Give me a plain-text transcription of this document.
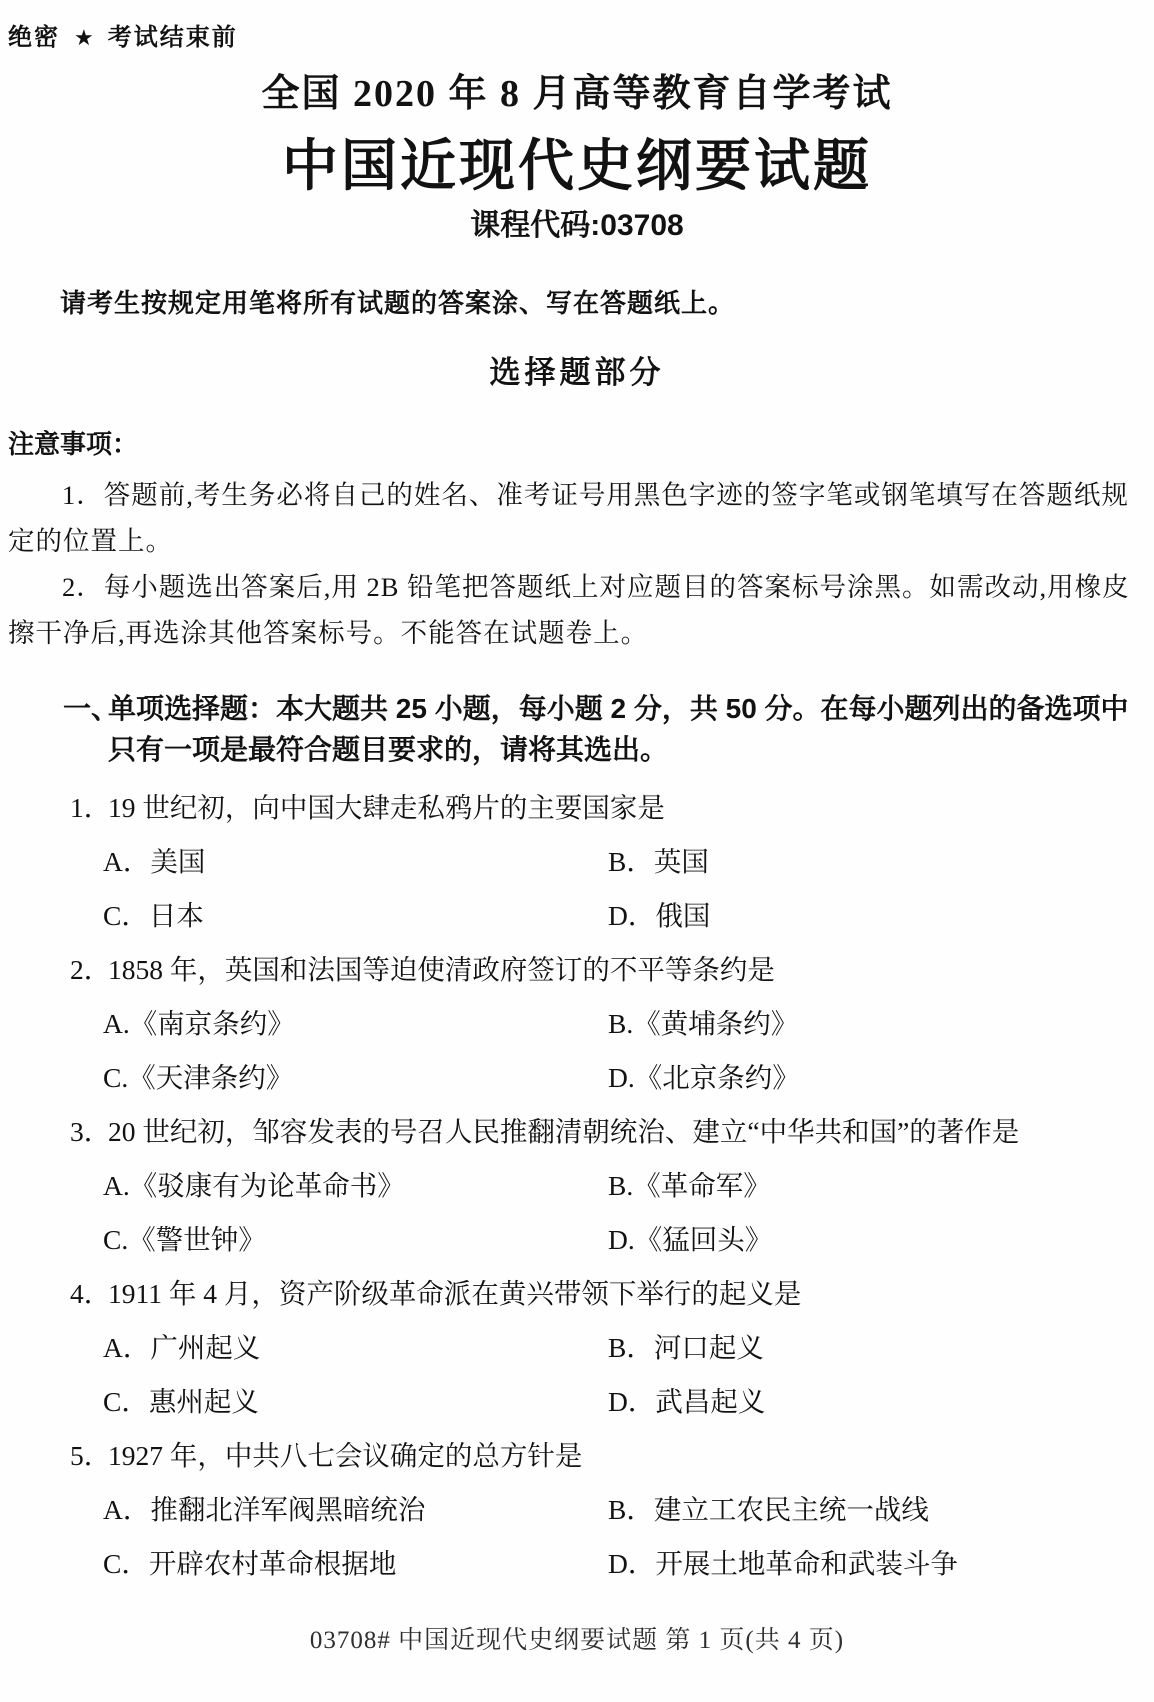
绝密 ★ 考试结束前
全国 2020 年 8 月高等教育自学考试
中国近现代史纲要试题
课程代码:03708

请考生按规定用笔将所有试题的答案涂、写在答题纸上。

选择题部分
注意事项：

1．答题前,考生务必将自己的姓名、准考证号用黑色字迹的签字笔或钢笔填写在答题纸规定的位置上。

2．每小题选出答案后,用 2B 铅笔把答题纸上对应题目的答案标号涂黑。如需改动,用橡皮擦干净后,再选涂其他答案标号。不能答在试题卷上。

一、单项选择题：本大题共 25 小题，每小题 2 分，共 50 分。在每小题列出的备选项中
只有一项是最符合题目要求的，请将其选出。
1．19 世纪初，向中国大肆走私鸦片的主要国家是
A．美国	B．英国
C．日本	D．俄国
2．1858 年，英国和法国等迫使清政府签订的不平等条约是
A.《南京条约》	B.《黄埔条约》
C.《天津条约》	D.《北京条约》
3．20 世纪初，邹容发表的号召人民推翻清朝统治、建立“中华共和国”的著作是
A.《驳康有为论革命书》	B.《革命军》
C.《警世钟》	D.《猛回头》
4．1911 年 4 月，资产阶级革命派在黄兴带领下举行的起义是
A．广州起义	B．河口起义
C．惠州起义	D．武昌起义
5．1927 年，中共八七会议确定的总方针是
A．推翻北洋军阀黑暗统治	B．建立工农民主统一战线
C．开辟农村革命根据地	D．开展土地革命和武装斗争
03708# 中国近现代史纲要试题 第 1 页(共 4 页)
